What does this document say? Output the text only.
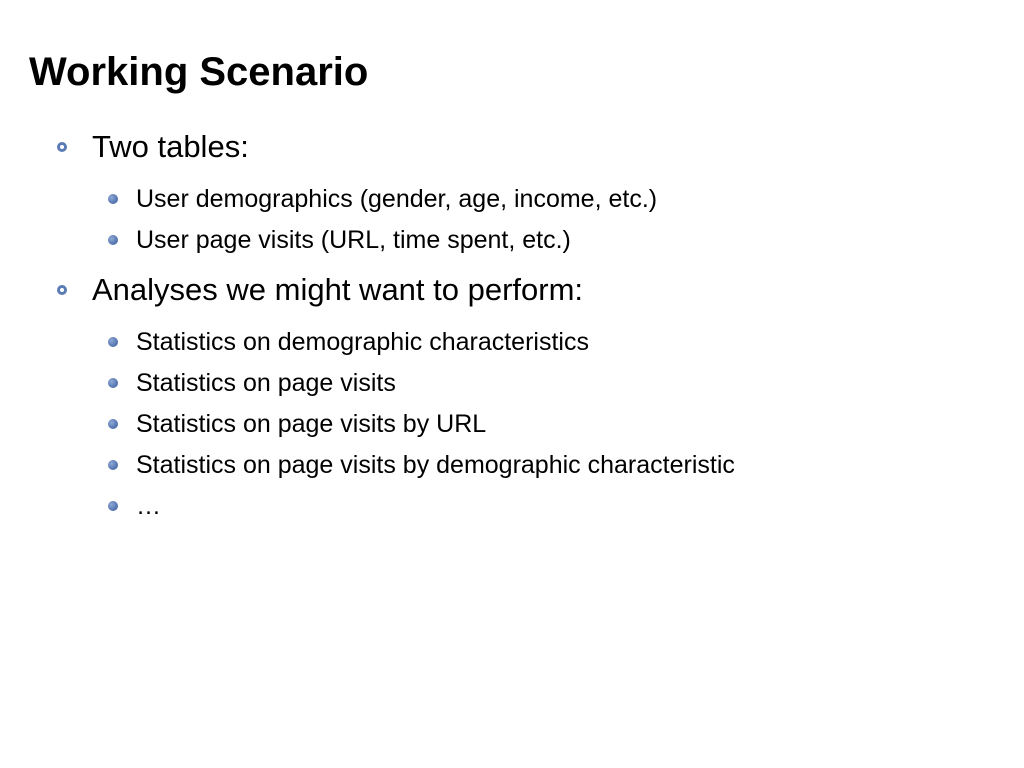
Working Scenario
Two tables:
User demographics (gender, age, income, etc.)
User page visits (URL, time spent, etc.)
Analyses we might want to perform:
Statistics on demographic characteristics
Statistics on page visits
Statistics on page visits by URL
Statistics on page visits by demographic characteristic
…
